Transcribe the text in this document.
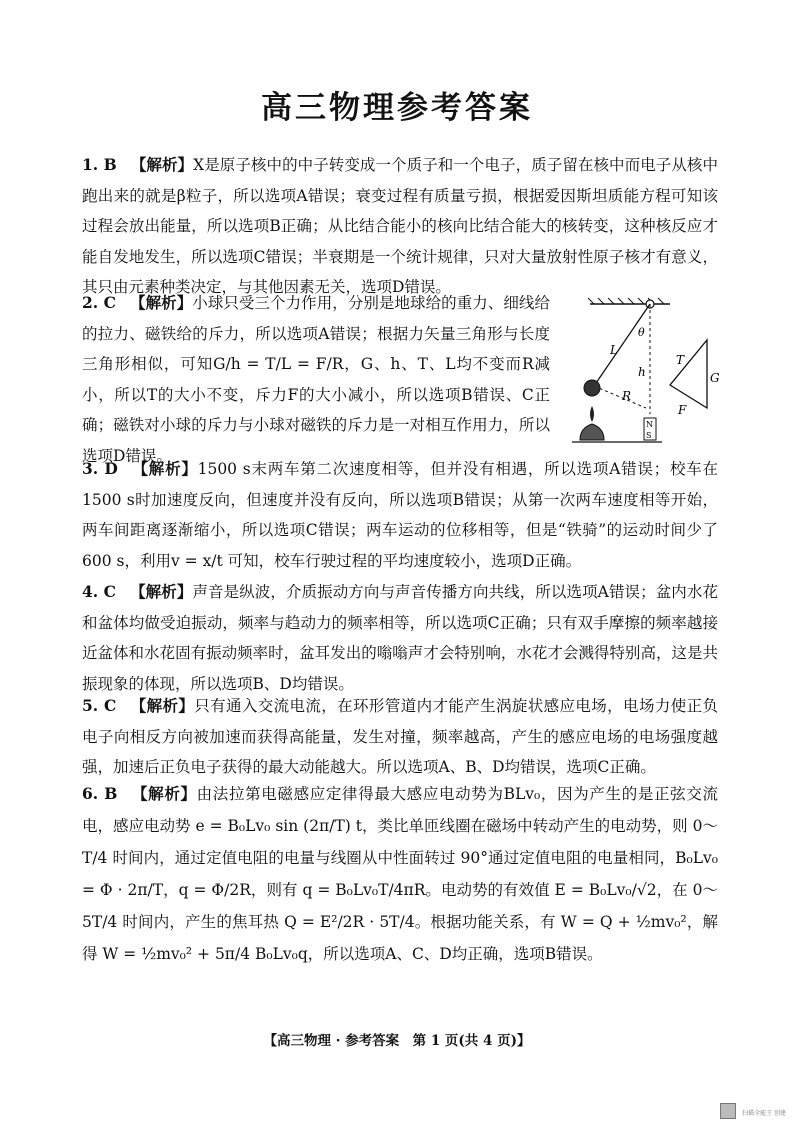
高三物理参考答案
1. B 【解析】X是原子核中的中子转变成一个质子和一个电子，质子留在核中而电子从核中跑出来的就是β粒子，所以选项A错误；衰变过程有质量亏损，根据爱因斯坦质能方程可知该过程会放出能量，所以选项B正确；从比结合能小的核向比结合能大的核转变，这种核反应才能自发地发生，所以选项C错误；半衰期是一个统计规律，只对大量放射性原子核才有意义，其只由元素种类决定，与其他因素无关，选项D错误。
2. C 【解析】小球只受三个力作用，分别是地球给的重力、细线给的拉力、磁铁给的斥力，所以选项A错误；根据力矢量三角形与长度三角形相似，可知G/h = T/L = F/R，G、h、T、L均不变而R减小，所以T的大小不变，斥力F的大小减小，所以选项B错误、C正确；磁铁对小球的斥力与小球对磁铁的斥力是一对相互作用力，所以选项D错误。
N
S
θ
L
h
R
T
G
F
3. D 【解析】1500 s末两车第二次速度相等，但并没有相遇，所以选项A错误；校车在1500 s时加速度反向，但速度并没有反向，所以选项B错误；从第一次两车速度相等开始，两车间距离逐渐缩小，所以选项C错误；两车运动的位移相等，但是“铁骑”的运动时间少了600 s，利用v = x/t 可知，校车行驶过程的平均速度较小，选项D正确。
4. C 【解析】声音是纵波，介质振动方向与声音传播方向共线，所以选项A错误；盆内水花和盆体均做受迫振动，频率与趋动力的频率相等，所以选项C正确；只有双手摩擦的频率越接近盆体和水花固有振动频率时，盆耳发出的嗡嗡声才会特别响，水花才会溅得特别高，这是共振现象的体现，所以选项B、D均错误。
5. C 【解析】只有通入交流电流，在环形管道内才能产生涡旋状感应电场，电场力使正负电子向相反方向被加速而获得高能量，发生对撞，频率越高，产生的感应电场的电场强度越强，加速后正负电子获得的最大动能越大。所以选项A、B、D均错误，选项C正确。
6. B 【解析】由法拉第电磁感应定律得最大感应电动势为BLv₀，因为产生的是正弦交流电，感应电动势 e = B₀Lv₀ sin (2π/T) t，类比单匝线圈在磁场中转动产生的电动势，则 0～T/4 时间内，通过定值电阻的电量与线圈从中性面转过 90°通过定值电阻的电量相同，B₀Lv₀ = Φ · 2π/T，q = Φ/2R，则有 q = B₀Lv₀T/4πR。电动势的有效值 E = B₀Lv₀/√2，在 0～5T/4 时间内，产生的焦耳热 Q = E²/2R · 5T/4。根据功能关系，有 W = Q + ½mv₀²，解得 W = ½mv₀² + 5π/4 B₀Lv₀q，所以选项A、C、D均正确，选项B错误。
【高三物理 · 参考答案　第 1 页(共 4 页)】
扫描全能王 创建
